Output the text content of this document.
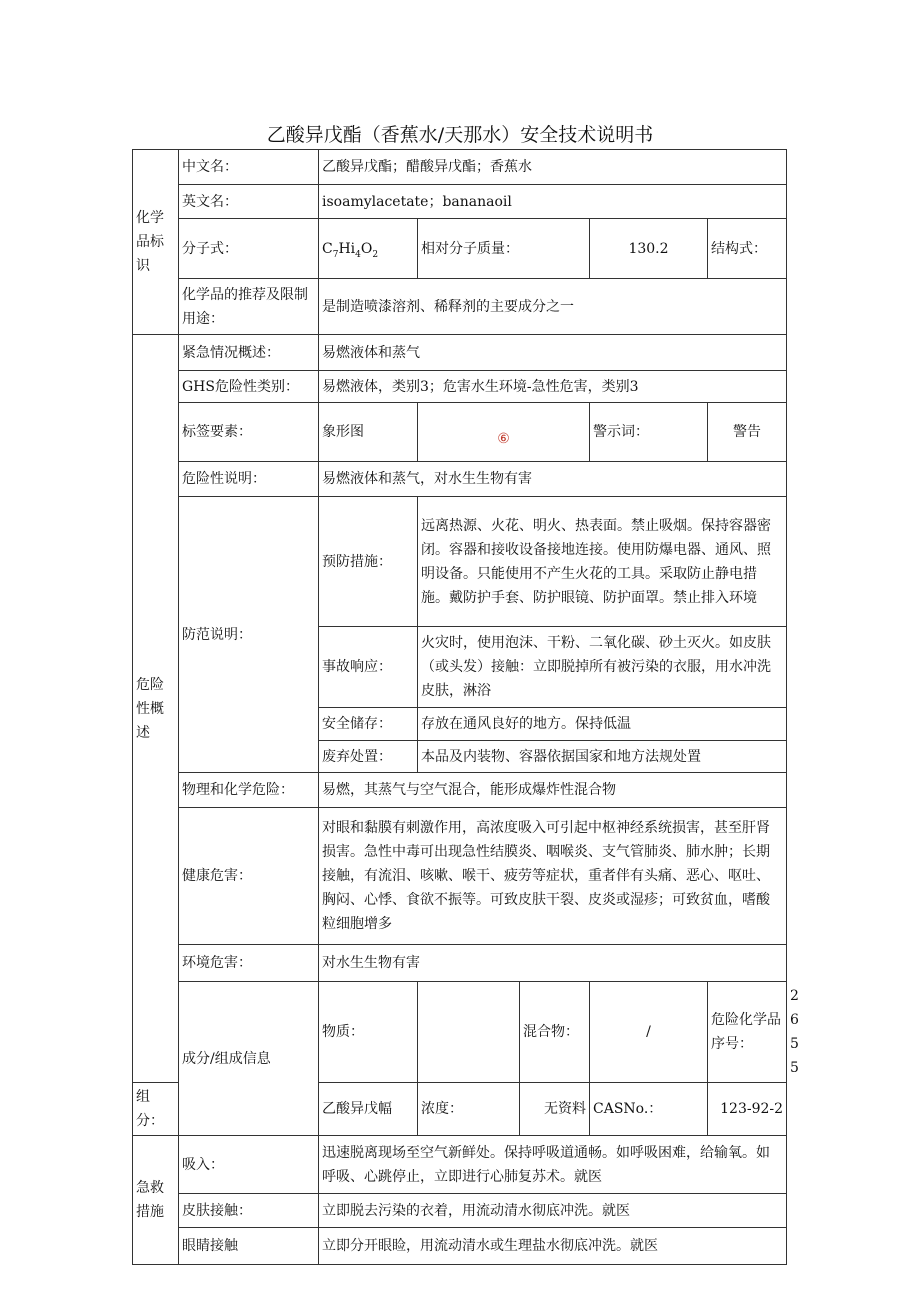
乙酸异戊酯（香蕉水/天那水）安全技术说明书
化学品标识	中文名：	乙酸异戊酯；醋酸异戊酯；香蕉水					
	英文名：	isoamylacetate；bananaoil					
	分子式：	$C_7Hi_4O_2$	相对分子质量：		130.2	结构式：	
	化学品的推荐及限制用途：	是制造喷漆溶剂、稀释剂的主要成分之一					
危险性概述	紧急情况概述：	易燃液体和蒸气					
	GHS危险性类别：	易燃液体，类别3；危害水生环境-急性危害，类别3					
	标签要素：	象形图	⑥		警示词：	警告	
	危险性说明：	易燃液体和蒸气，对水生生物有害					
	防范说明：	预防措施：	远离热源、火花、明火、热表面。禁止吸烟。保持容器密闭。容器和接收设备接地连接。使用防爆电器、通风、照明设备。只能使用不产生火花的工具。采取防止静电措施。戴防护手套、防护眼镜、防护面罩。禁止排入环境				
		事故响应：	火灾时，使用泡沫、干粉、二氧化碳、砂土灭火。如皮肤（或头发）接触：立即脱掉所有被污染的衣服，用水冲洗皮肤，淋浴				
		安全储存：	存放在通风良好的地方。保持低温				
		废弃处置：	本品及内装物、容器依据国家和地方法规处置				
	物理和化学危险：	易燃，其蒸气与空气混合，能形成爆炸性混合物					
	健康危害：	对眼和黏膜有刺激作用，高浓度吸入可引起中枢神经系统损害，甚至肝肾损害。急性中毒可出现急性结膜炎、咽喉炎、支气管肺炎、肺水肿；长期接触，有流泪、咳嗽、喉干、疲劳等症状，重者伴有头痛、恶心、呕吐、胸闷、心悸、食欲不振等。可致皮肤干裂、皮炎或湿疹；可致贫血，嗜酸粒细胞增多					
	环境危害：	对水生生物有害					
	成分/组成信息	物质：		混合物：	/	危险化学品序号：	2655
组分：		乙酸异戊幅	浓度：	无资料	CASNo.：	123-92-2	
急救措施	吸入：	迅速脱离现场至空气新鲜处。保持呼吸道通畅。如呼吸困难，给输氧。如呼吸、心跳停止，立即进行心肺复苏术。就医					
	皮肤接触：	立即脱去污染的衣着，用流动清水彻底冲洗。就医					
	眼睛接触	立即分开眼睑，用流动清水或生理盐水彻底冲洗。就医					
